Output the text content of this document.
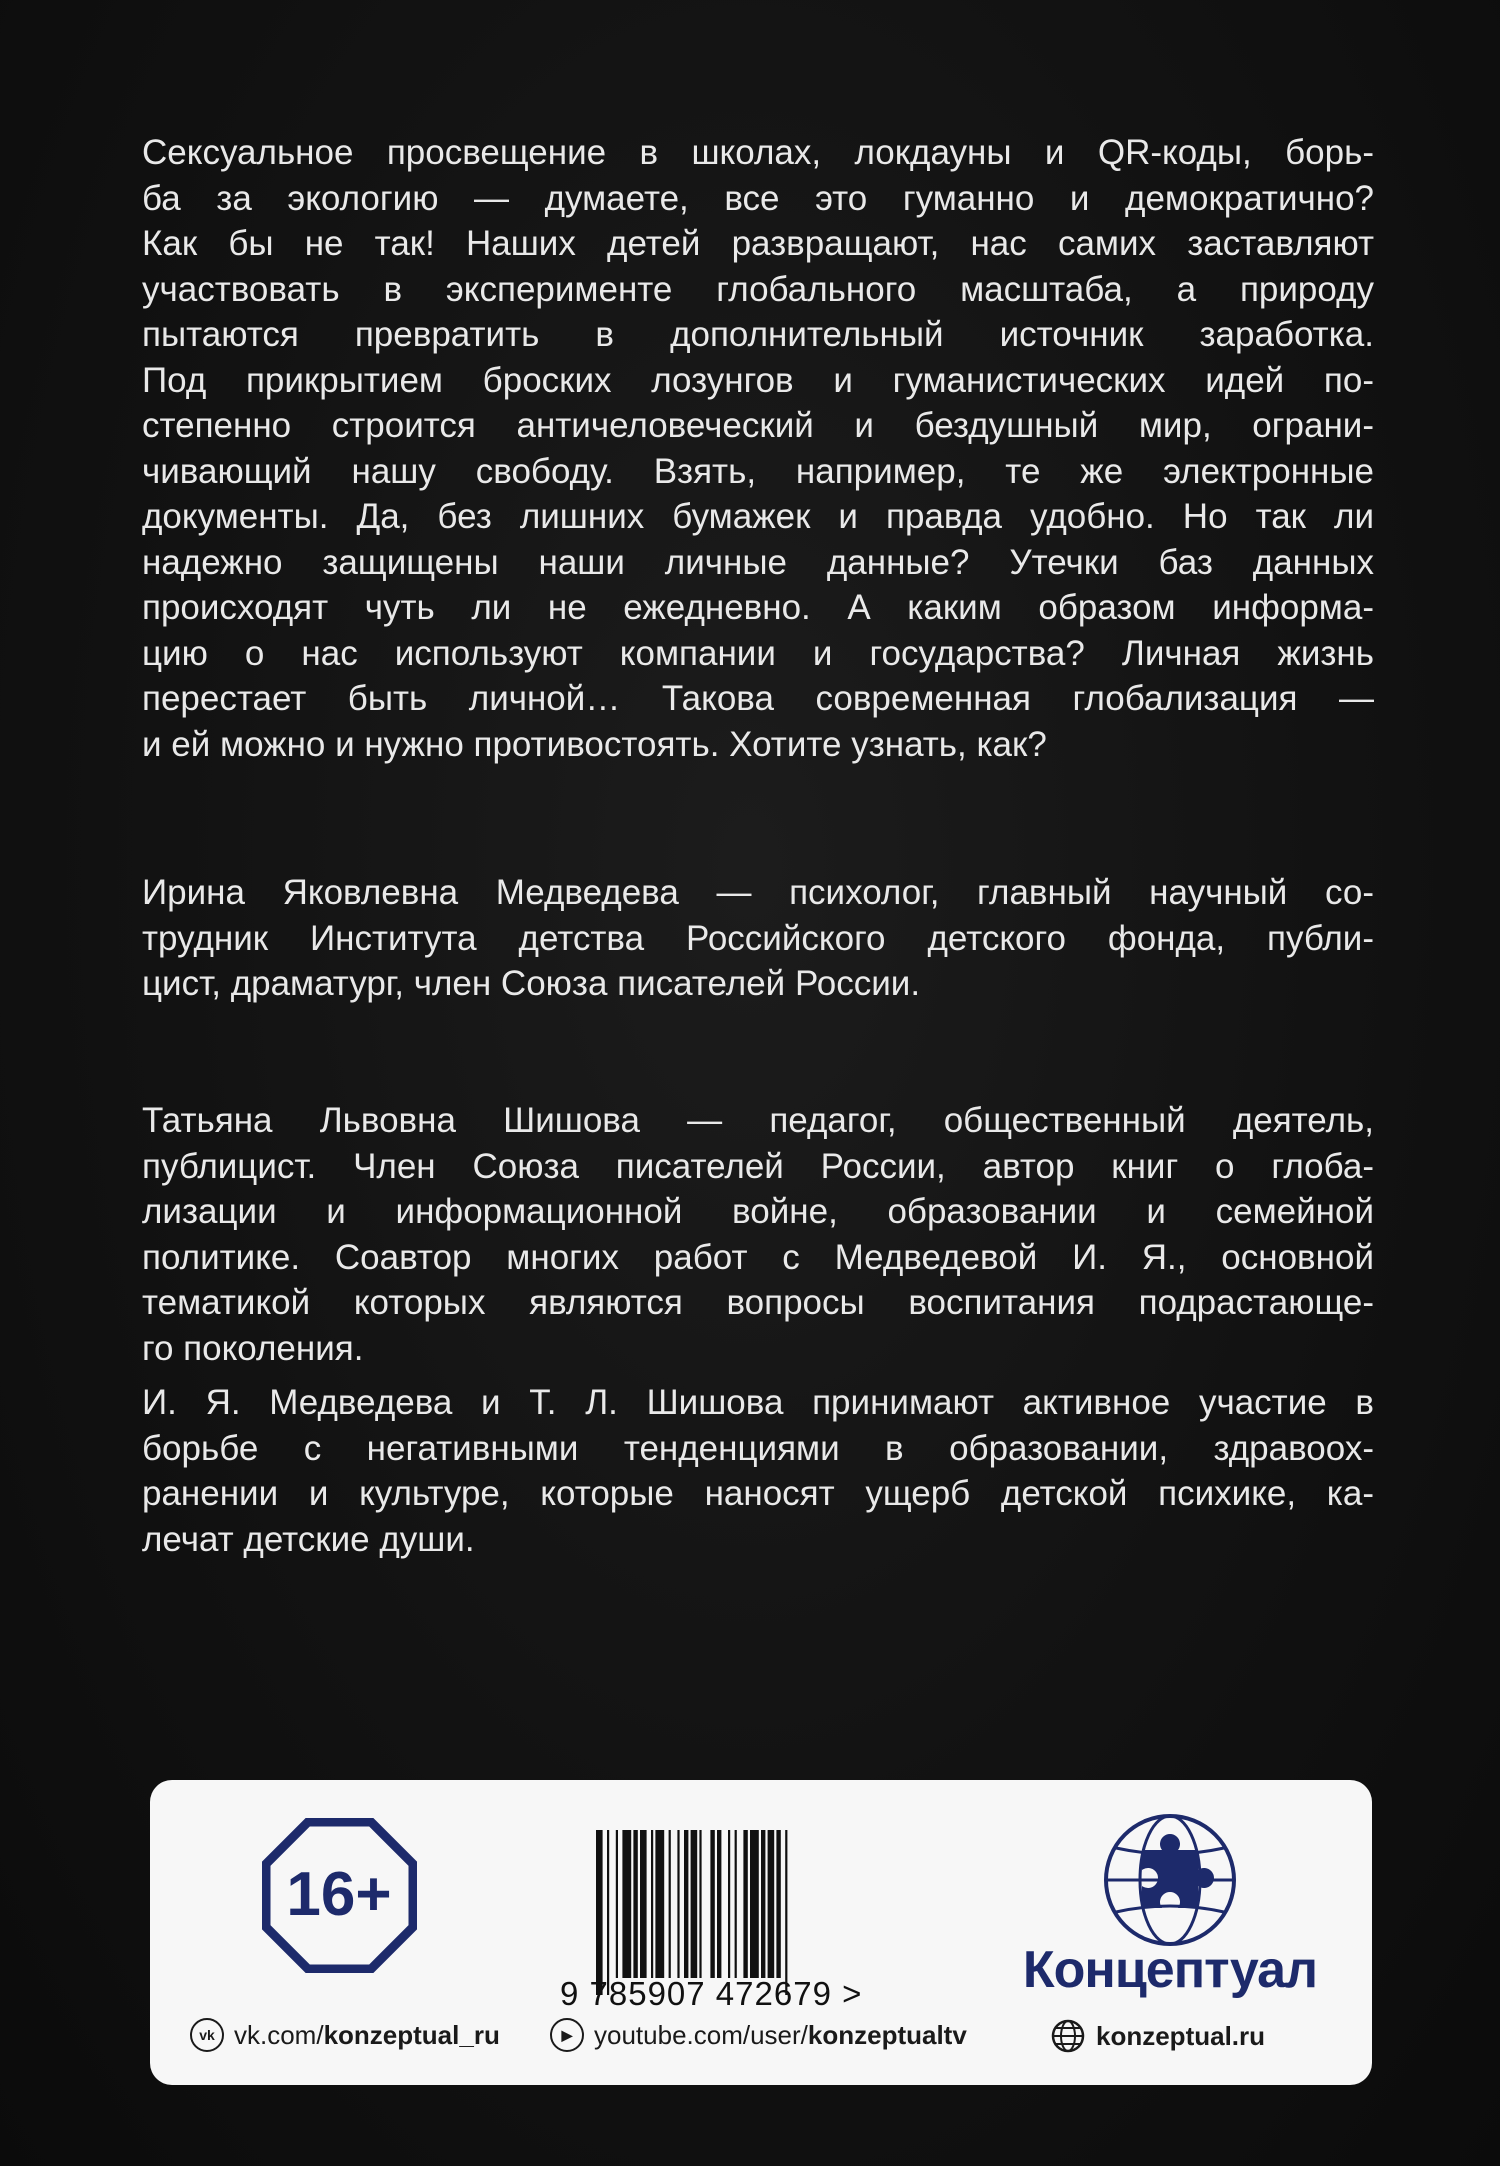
Сексуальное просвещение в школах, локдауны и QR-коды, борь-
ба за экологию — думаете, все это гуманно и демократично?
Как бы не так! Наших детей развращают, нас самих заставляют
участвовать в эксперименте глобального масштаба, а природу
пытаются превратить в дополнительный источник заработка.
Под прикрытием броских лозунгов и гуманистических идей по-
степенно строится античеловеческий и бездушный мир, ограни-
чивающий нашу свободу. Взять, например, те же электронные
документы. Да, без лишних бумажек и правда удобно. Но так ли
надежно защищены наши личные данные? Утечки баз данных
происходят чуть ли не ежедневно. А каким образом информа-
цию о нас используют компании и государства? Личная жизнь
перестает быть личной… Такова современная глобализация —
и ей можно и нужно противостоять. Хотите узнать, как?
Ирина Яковлевна Медведева — психолог, главный научный со-
трудник Института детства Российского детского фонда, публи-
цист, драматург, член Союза писателей России.
Татьяна Львовна Шишова — педагог, общественный деятель,
публицист. Член Союза писателей России, автор книг о глоба-
лизации и информационной войне, образовании и семейной
политике. Соавтор многих работ с Медведевой И. Я., основной
тематикой которых являются вопросы воспитания подрастающе-
го поколения.
И. Я. Медведева и Т. Л. Шишова принимают активное участие в
борьбе с негативными тенденциями в образовании, здравоох-
ранении и культуре, которые наносят ущерб детской психике, ка-
лечат детские души.
16+
9 785907 472679 >	Концептуал
vk vk.com/konzeptual_ru	▶ youtube.com/user/konzeptualtv	konzeptual.ru
